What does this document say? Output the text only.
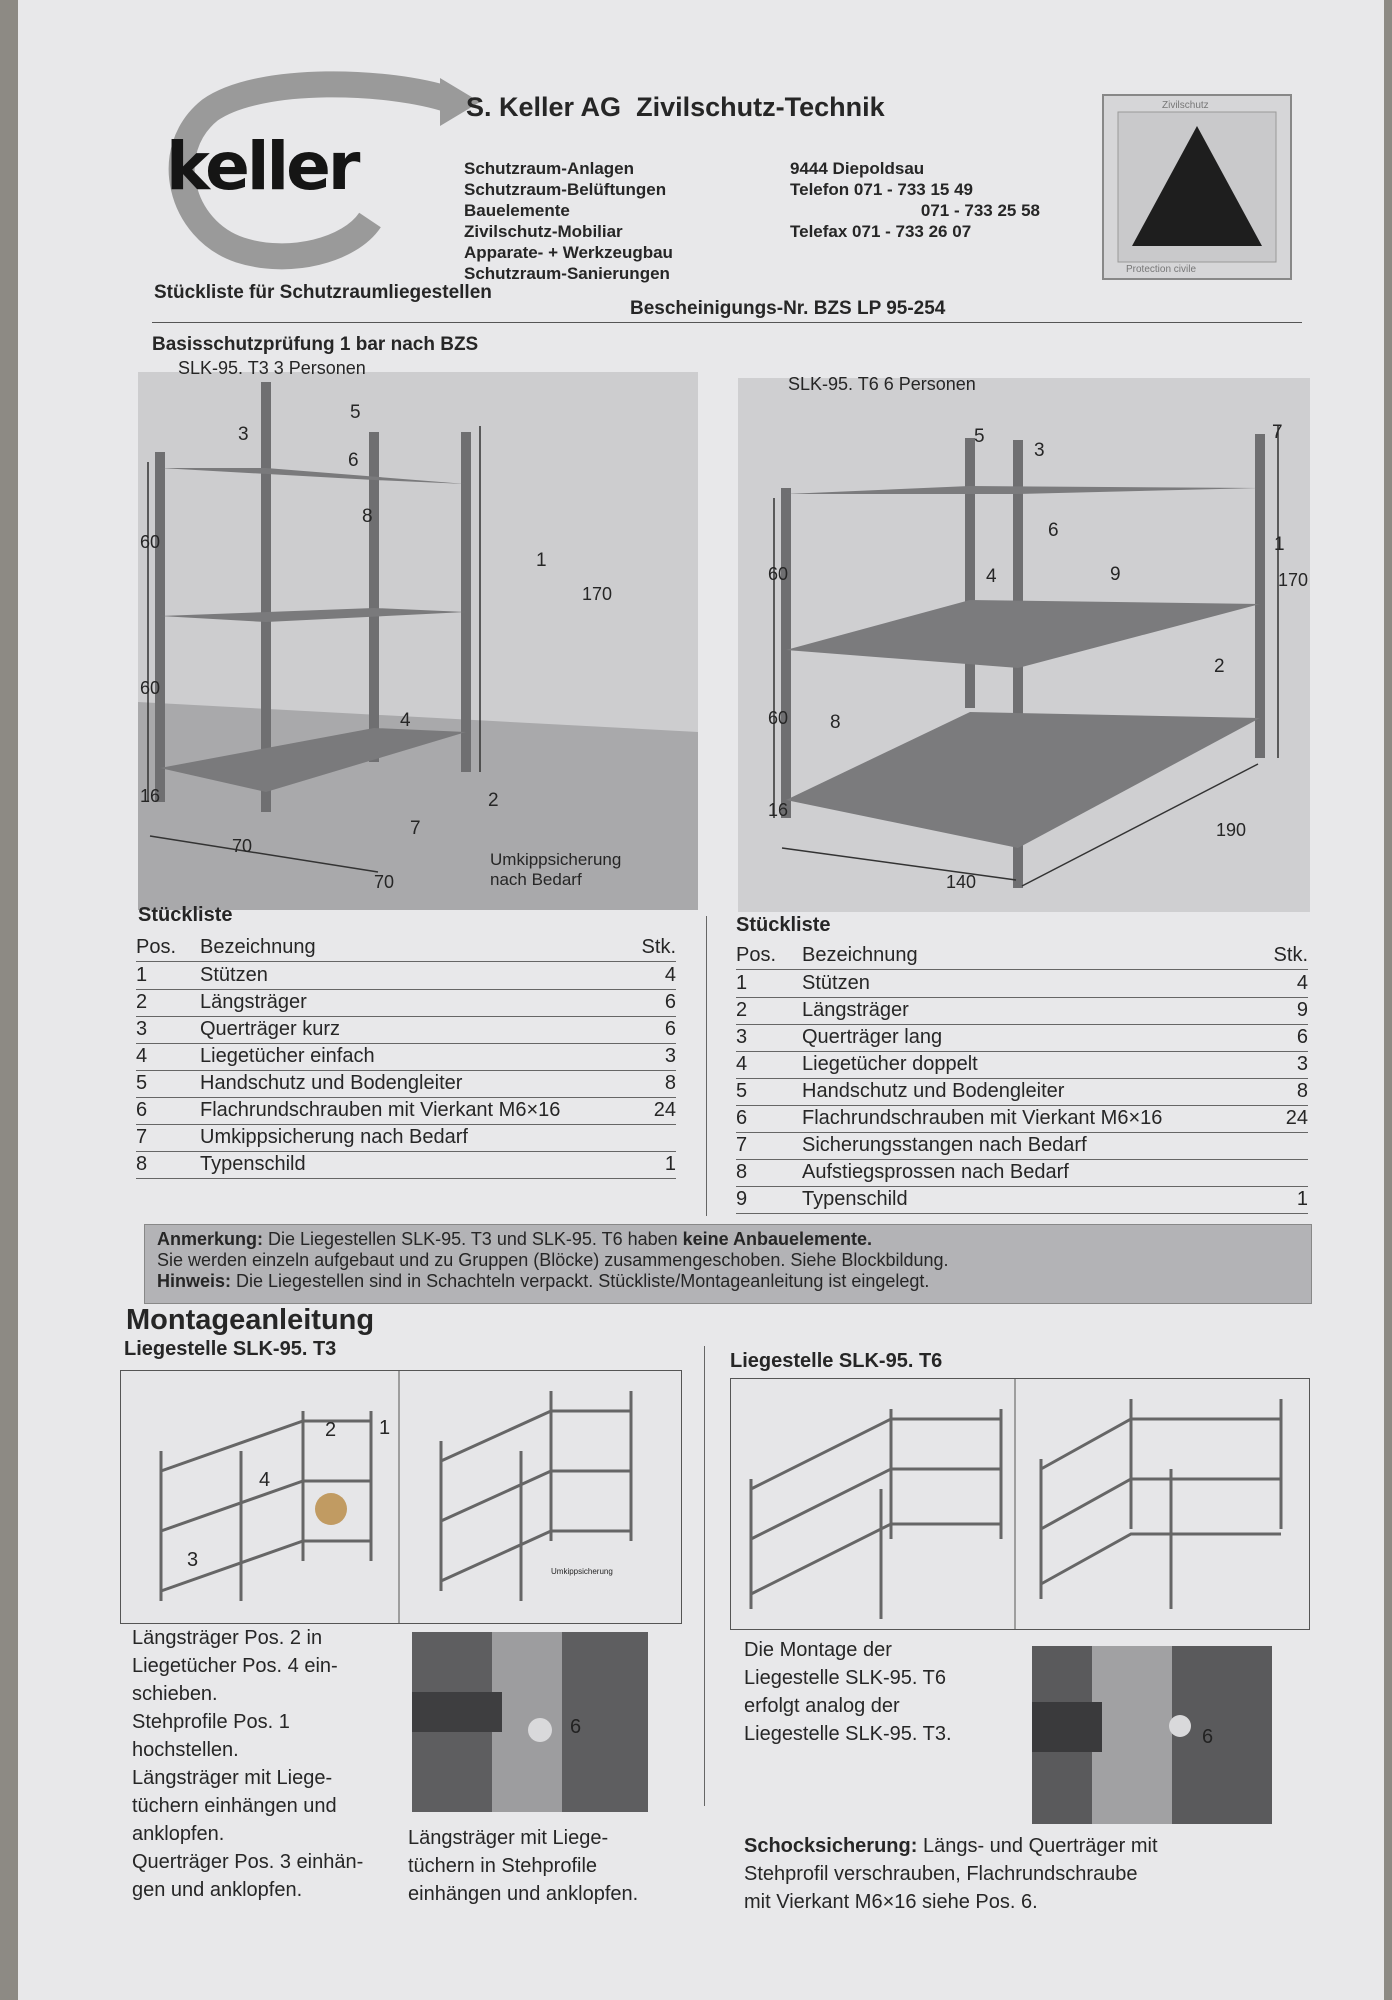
keller
S. Keller AG Zivilschutz-Technik
Schutzraum-Anlagen
Schutzraum-Belüftungen
Bauelemente
Zivilschutz-Mobiliar
Apparate- + Werkzeugbau
Schutzraum-Sanierungen
9444 Diepoldsau
Telefon 071 - 733 15 49
071 - 733 25 58
Telefax 071 - 733 26 07
Zivilschutz
Protection civile
Stückliste für Schutzraumliegestellen
Bescheinigungs-Nr. BZS LP 95-254
Basisschutzprüfung 1 bar nach BZS
SLK-95. T3 3 Personen
3
5
6
8
1
4
2
7
60
60
16
170
70
70
Umkippsicherung
nach Bedarf
SLK-95. T6 6 Personen
3
7
1
5
6
4	9
2
8
60
60
16
170
140
190
Stückliste
Pos. Bezeichnung	Stk.
1	Stützen	4
2	Längsträger	6
3	Querträger kurz	6
4	Liegetücher einfach	3
5	Handschutz und Bodengleiter	8
6	Flachrundschrauben mit Vierkant M6×16	24
7	Umkippsicherung nach Bedarf
8	Typenschild	1
Stückliste
Pos. Bezeichnung	Stk.
1	Stützen	4
2	Längsträger	9
3	Querträger lang	6
4	Liegetücher doppelt	3
5	Handschutz und Bodengleiter	8
6	Flachrundschrauben mit Vierkant M6×16	24
7	Sicherungsstangen nach Bedarf
8	Aufstiegsprossen nach Bedarf
9	Typenschild	1
Anmerkung: Die Liegestellen SLK-95. T3 und SLK-95. T6 haben keine Anbauelemente.
Sie werden einzeln aufgebaut und zu Gruppen (Blöcke) zusammengeschoben. Siehe Blockbildung.
Hinweis: Die Liegestellen sind in Schachteln verpackt. Stückliste/Montageanleitung ist eingelegt.
Montageanleitung
Liegestelle SLK-95. T3
Liegestelle SLK-95. T6
1
2
4
3
Umkippsicherung
Längsträger Pos. 2 in
Liegetücher Pos. 4 ein-
schieben.
Stehprofile Pos. 1
hochstellen.
Längsträger mit Liege-
tüchern einhängen und
anklopfen.
Querträger Pos. 3 einhän-
gen und anklopfen.
6
Längsträger mit Liege-
tüchern in Stehprofile
einhängen und anklopfen.
Die Montage der
Liegestelle SLK-95. T6
erfolgt analog der
Liegestelle SLK-95. T3.	6
Schocksicherung: Längs- und Querträger mit
Stehprofil verschrauben, Flachrundschraube
mit Vierkant M6×16 siehe Pos. 6.
